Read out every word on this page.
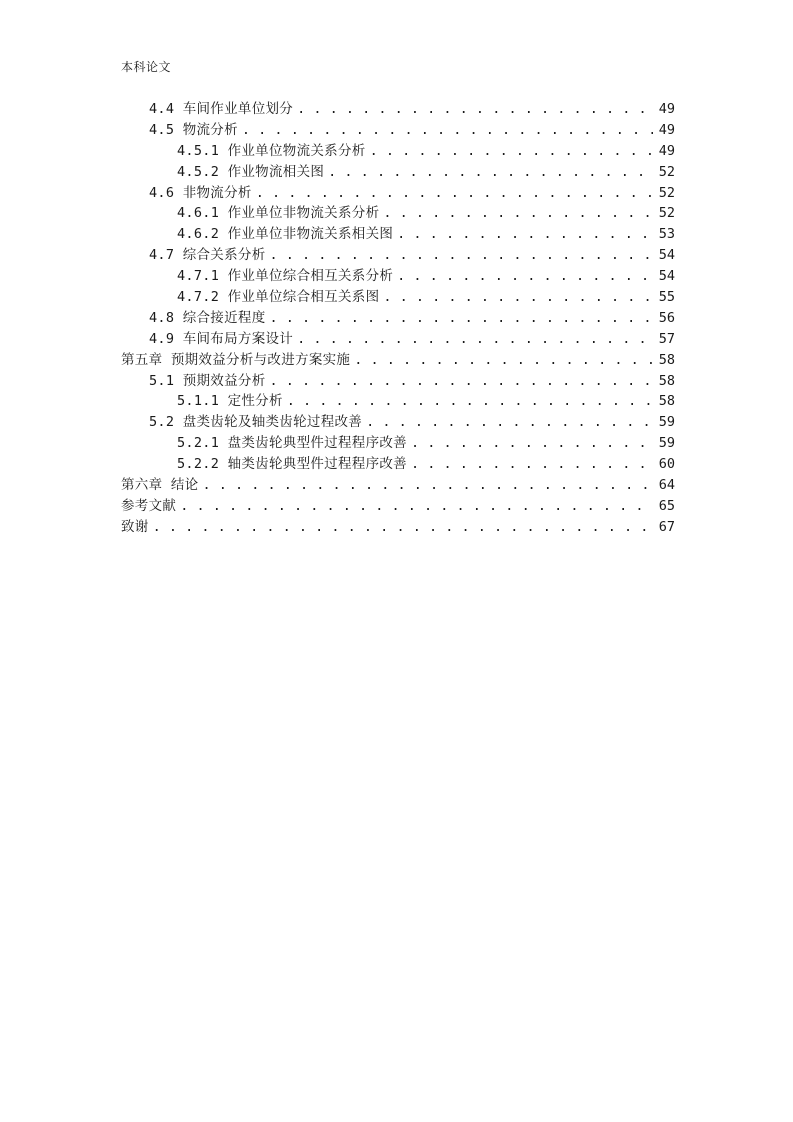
本科论文
4.4 车间作业单位划分 . . .	49
4.5 物流分析 . . .	49
4.5.1 作业单位物流关系分析 . . .	49
4.5.2 作业物流相关图 . . .	52
4.6 非物流分析 . . .	52
4.6.1 作业单位非物流关系分析 . . .	52
4.6.2 作业单位非物流关系相关图 . . .	53
4.7 综合关系分析 . . .	54
4.7.1 作业单位综合相互关系分析 . . .	54
4.7.2 作业单位综合相互关系图 . . .	55
4.8 综合接近程度 . . .	56
4.9 车间布局方案设计 . . .	57
第五章 预期效益分析与改进方案实施 . . .	58
5.1 预期效益分析 . . .	58
5.1.1 定性分析 . . .	58
5.2 盘类齿轮及轴类齿轮过程改善 . . .	59
5.2.1 盘类齿轮典型件过程程序改善 . . .	59
5.2.2 轴类齿轮典型件过程程序改善 . . .	60
第六章 结论 . . .	64
参考文献 . . .	65
致谢 . . .	67
